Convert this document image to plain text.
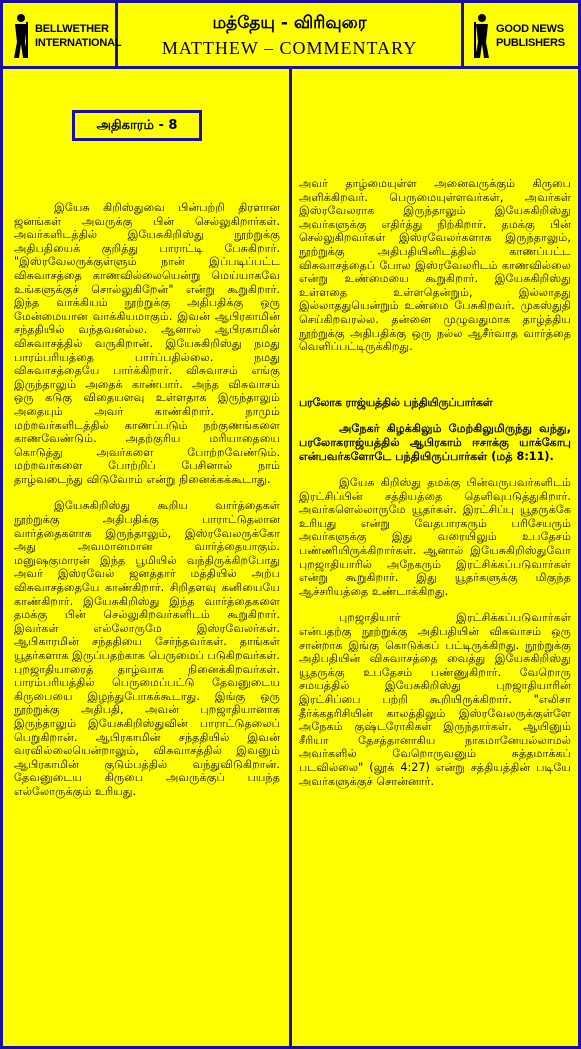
BELLWETHER
INTERNATIONAL
மத்தேயு - விரிவுரை
MATTHEW – COMMENTARY
GOOD NEWS
PUBLISHERS
அதிகாரம் - 8

இயேசு கிறிஸ்துவை பின்பற்றி திரளான ஜனங்கள் அவருக்கு பின் செல்லுகிறார்கள். அவர்களிடத்தில் இயேசுகிறிஸ்து நூற்றுக்கு அதிபதியைக் குறித்து பாராட்டி பேசுகிறார். "இஸ்ரவேலருக்குள்ளும் நான் இப்படிப்பட்ட விசுவாசத்தை காணவில்லையென்று மெய்யாகவே உங்களுக்குச் சொல்லுகிறேன்" என்று கூறுகிறார். இந்த வாக்கியம் நூற்றுக்கு அதிபதிக்கு ஒரு மேன்மையான வாக்கியமாகும். இவன் ஆபிரகாமின் சந்ததியில் வந்தவனல்ல. ஆனால் ஆபிரகாமின் விசுவாசத்தில் வருகிறான். இயேசுகிறிஸ்து நமது பாரம்பரியத்தை பார்ப்பதில்லை. நமது விசுவாசத்தையே பார்க்கிறார். விசுவாசம் எங்கு இருந்தாலும் அதைக் காண்பார். அந்த விசுவாசம் ஒரு கடுகு விதையளவு உள்ளதாக இருந்தாலும் அதையும் அவர் காண்கிறார். நாமும் மற்றவர்களிடத்தில் காணப்படும் நற்குணங்களை காணவேண்டும். அதற்குரிய மரியாதையை கொடுத்து அவர்களை போற்றவேண்டும். மற்றவர்களை போற்றிப் பேசினால் நாம் தாழ்வடைந்து விடுவோம் என்று நினைக்கக்கூடாது.

இயேசுகிறிஸ்து கூறிய வார்த்தைகள் நூற்றுக்கு அதிபதிக்கு பாராட்டுதலான வார்த்தைகளாக இருந்தாலும், இஸ்ரவேலருக்கோ அது அவமானமான வார்த்தையாகும். மனுஷகுமாரன் இந்த பூமியில் வந்திருக்கிறபோது அவர் இஸ்ரவேல் ஜனத்தார் மத்தியில் அற்ப விசுவாசத்தையே காண்கிறார். சிறிதளவு கனியையே காண்கிறார். இயேசுகிறிஸ்து இந்த வார்த்தைகளை தமக்கு பின் செல்லுகிறவர்களிடம் கூறுகிறார். இவர்கள் எல்லோருமே இஸ்ரவேலர்கள். ஆபிகாரமின் சந்ததியை சேர்ந்தவர்கள். தாங்கள் யூதர்களாக இருப்பதற்காக பெருமைப் படுகிறவர்கள். புறஜாதியாரைத் தாழ்வாக நினைக்கிறவர்கள். பாரம்பரியத்தில் பெருமைப்பட்டு தேவனுடைய கிருபையை இழந்துபோகக்கூடாது. இங்கு ஒரு நூற்றுக்கு அதிபதி, அவன் புறஜாதியானாக இருந்தாலும் இயேசுகிறிஸ்துவின் பாராட்டுதலைப் பெறுகிறான். ஆபிரகாமின் சந்ததியில் இவன் வரவில்லையென்றாலும், விசுவாசத்தில் இவனும் ஆபிரகாமின் குடும்பத்தில் வந்துவிடுகிறான். தேவனுடைய கிருபை அவருக்குப் பயந்த எல்லோருக்கும் உரியது.

அவர் தாழ்மையுள்ள அனைவருக்கும் கிருபை அளிக்கிறவர். பெருமையுள்ளவர்கள், அவர்கள் இஸ்ரவேலராக இருந்தாலும் இயேசுகிறிஸ்து அவர்களுக்கு எதிர்த்து நிற்கிறார். தமக்கு பின் செல்லுகிறவர்கள் இஸ்ரவேலர்களாக இருந்தாலும், நூற்றுக்கு அதிபதியினிடத்தில் காணப்பட்ட விசுவாசத்தைப் போல இஸ்ரவேலரிடம் காணவில்லை என்று உண்மையை கூறுகிறார். இயேசுகிறிஸ்து உள்ளதை உள்ளதென்றும், இல்லாதது இல்லாததுயென்றும் உண்மை பேசுகிறவர். முகஸ்துதி செய்கிறவரல்ல. தன்னை முழுவதுமாக தாழ்த்திய நூற்றுக்கு அதிபதிக்கு ஒரு நல்ல ஆசீர்வாத வார்த்தை வெளிப்பட்டிருக்கிறது.

பரலோக ராஜ்யத்தில் பந்தியிருப்பார்கள்

அநேகர் கிழக்கிலும் மேற்கிலுமிருந்து வந்து, பரலோகராஜ்யத்தில் ஆபிரகாம் ஈசாக்கு யாக்கோபு என்பவர்களோடே பந்தியிருப்பார்கள் (மத் 8:11).

இயேசு கிறிஸ்து தமக்கு பின்வருபவர்களிடம் இரட்சிப்பின் சத்தியத்தை தெளிவுபடுத்துகிறார். அவர்களெல்லாருமே யூதர்கள். இரட்சிப்பு யூதருக்கே உரியது என்று வேதபாரகரும் பரிசேயரும் அவர்களுக்கு இது வரையிலும் உபதேசம் பண்ணியிருக்கிறார்கள். ஆனால் இயேசுகிறிஸ்துவோ புறஜாதியாரில் அநேகரும் இரட்சிக்கப்படுவார்கள் என்று கூறுகிறார். இது யூதர்களுக்கு மிகுந்த ஆச்சரியத்தை உண்டாக்கிறது.

புறஜாதியார் இரட்சிக்கப்படுவார்கள் என்பதற்கு நூற்றுக்கு அதிபதியின் விசுவாசம் ஒரு சான்றாக இங்கு கொடுக்கப் பட்டிருக்கிறது. நூற்றுக்கு அதிபதியின் விசுவாசத்தை வைத்து இயேசுகிறிஸ்து யூதருக்கு உபதேசம் பண்ணுகிறார். வேறொரு சமயத்தில் இயேசுகிறிஸ்து புறஜாதியாரின் இரட்சிப்பை பற்றி கூறியிருக்கிறார். "எலிசா தீர்க்கதரிசியின் காலத்திலும் இஸ்ரவேலருக்குள்ளே அநேகம் குஷ்டரோகிகள் இருந்தார்கள். ஆயினும் சீரியா தேசத்தானாகிய நாகமானேயல்லாமல் அவர்களில் வேறொருவனும் சுத்தமாக்கப் படவில்லை" (லூக் 4:27) என்று சத்தியத்தின் படியே அவர்களுக்குச் சொன்னார்.
